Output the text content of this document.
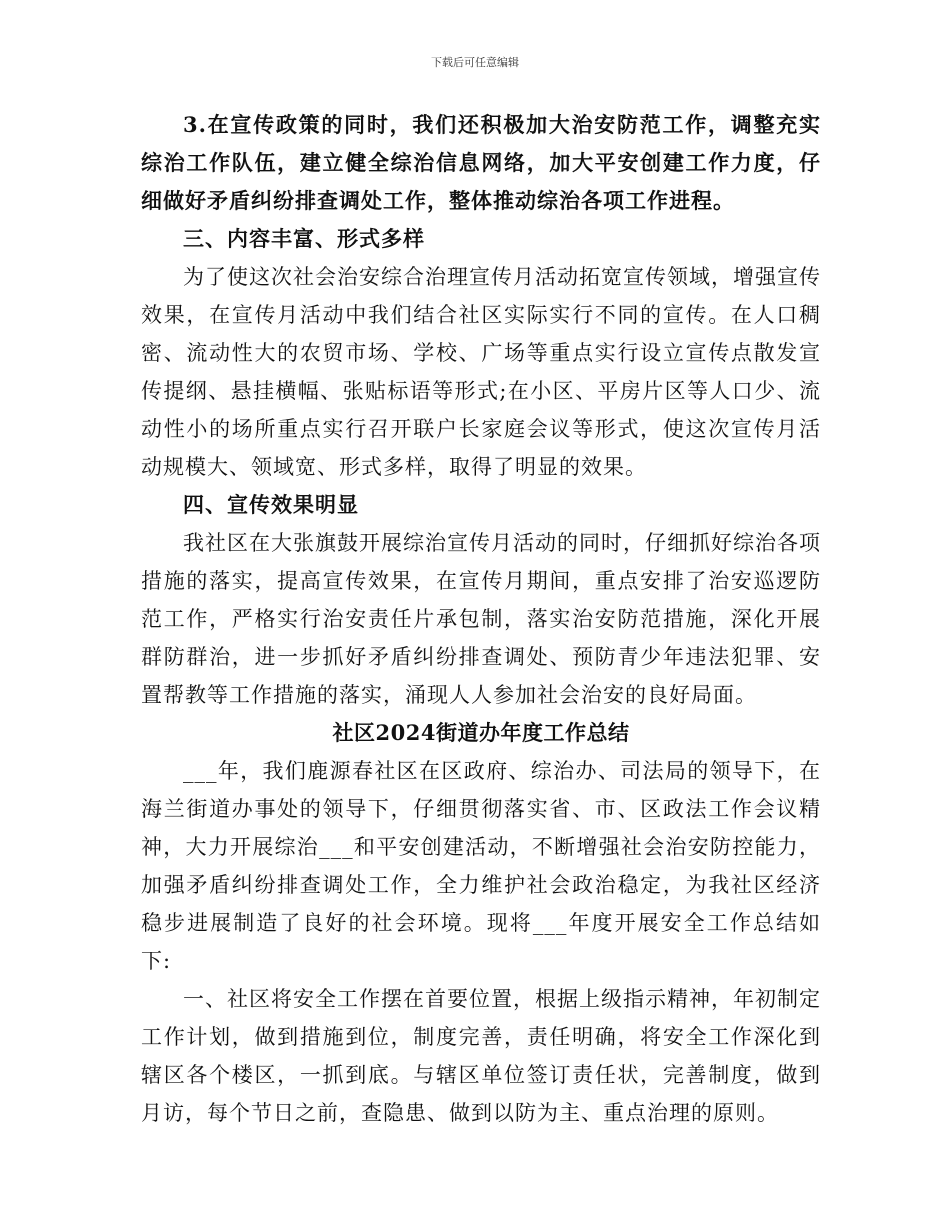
下载后可任意编辑

3.在宣传政策的同时，我们还积极加大治安防范工作，调整充实综治工作队伍，建立健全综治信息网络，加大平安创建工作力度，仔细做好矛盾纠纷排查调处工作，整体推动综治各项工作进程。

三、内容丰富、形式多样

为了使这次社会治安综合治理宣传月活动拓宽宣传领域，增强宣传效果，在宣传月活动中我们结合社区实际实行不同的宣传。在人口稠密、流动性大的农贸市场、学校、广场等重点实行设立宣传点散发宣传提纲、悬挂横幅、张贴标语等形式;在小区、平房片区等人口少、流动性小的场所重点实行召开联户长家庭会议等形式，使这次宣传月活动规模大、领域宽、形式多样，取得了明显的效果。

四、宣传效果明显

我社区在大张旗鼓开展综治宣传月活动的同时，仔细抓好综治各项措施的落实，提高宣传效果，在宣传月期间，重点安排了治安巡逻防范工作，严格实行治安责任片承包制，落实治安防范措施，深化开展群防群治，进一步抓好矛盾纠纷排查调处、预防青少年违法犯罪、安置帮教等工作措施的落实，涌现人人参加社会治安的良好局面。

社区2024街道办年度工作总结

___年，我们鹿源春社区在区政府、综治办、司法局的领导下，在海兰街道办事处的领导下，仔细贯彻落实省、市、区政法工作会议精神，大力开展综治___和平安创建活动，不断增强社会治安防控能力，加强矛盾纠纷排查调处工作，全力维护社会政治稳定，为我社区经济稳步进展制造了良好的社会环境。现将___年度开展安全工作总结如下:

一、社区将安全工作摆在首要位置，根据上级指示精神，年初制定工作计划，做到措施到位，制度完善，责任明确，将安全工作深化到辖区各个楼区，一抓到底。与辖区单位签订责任状，完善制度，做到月访，每个节日之前，查隐患、做到以防为主、重点治理的原则。
